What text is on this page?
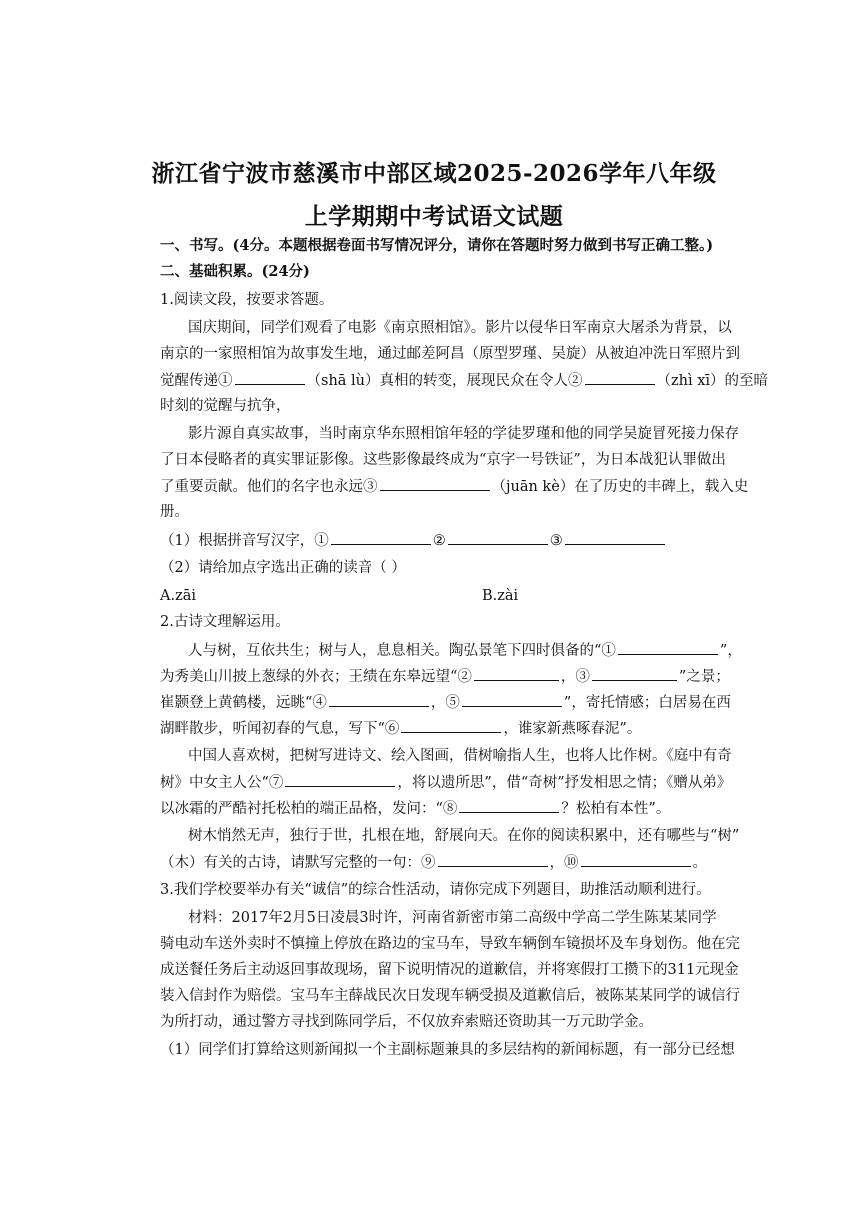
浙江省宁波市慈溪市中部区域2025-2026学年八年级
上学期期中考试语文试题
一、书写。(4分。本题根据卷面书写情况评分，请你在答题时努力做到书写正确工整。)
二、基础积累。(24分)
1.阅读文段，按要求答题。
国庆期间，同学们观看了电影《南京照相馆》。影片以侵华日军南京大屠杀为背景，以
南京的一家照相馆为故事发生地，通过邮差阿昌（原型罗瑾、吴旋）从被迫冲洗日军照片到
觉醒传递①	（shā lù）真相的转变，展现民众在令人②	（zhì xī）的至暗
时刻的觉醒与抗争，
影片源自真实故事，当时南京华东照相馆年轻的学徒罗瑾和他的同学吴旋冒死接力保存
了日本侵略者的真实罪证影像。这些影像最终成为“京字一号铁证”，为日本战犯认罪做出
了重要贡献。他们的名字也永远③	（juān kè）在了历史的丰碑上，载入史
册。
（1）根据拼音写汉字，①	②	③
（2）请给加点字选出正确的读音（ ）
A.zāi	B.zài
2.古诗文理解运用。
人与树，互依共生；树与人，息息相关。陶弘景笔下四时俱备的“①	”，
为秀美山川披上葱绿的外衣；王绩在东皋远望“②	，③	”之景；
崔颢登上黄鹤楼，远眺“④	，⑤	”，寄托情感；白居易在西
湖畔散步，听闻初春的气息，写下“⑥	，谁家新燕啄春泥”。
中国人喜欢树，把树写进诗文、绘入图画，借树喻指人生，也将人比作树。《庭中有奇
树》中女主人公“⑦	，将以遗所思”，借“奇树”抒发相思之情；《赠从弟》
以冰霜的严酷衬托松柏的端正品格，发问：“⑧	？松柏有本性”。
树木悄然无声，独行于世，扎根在地，舒展向天。在你的阅读积累中，还有哪些与“树”
（木）有关的古诗，请默写完整的一句：⑨	，⑩	。
3.我们学校要举办有关“诚信”的综合性活动，请你完成下列题目，助推活动顺利进行。
材料：2017年2月5日凌晨3时许，河南省新密市第二高级中学高二学生陈某某同学
骑电动车送外卖时不慎撞上停放在路边的宝马车，导致车辆倒车镜损坏及车身划伤。他在完
成送餐任务后主动返回事故现场，留下说明情况的道歉信，并将寒假打工攒下的311元现金
装入信封作为赔偿。宝马车主薛战民次日发现车辆受损及道歉信后，被陈某某同学的诚信行
为所打动，通过警方寻找到陈同学后，不仅放弃索赔还资助其一万元助学金。
（1）同学们打算给这则新闻拟一个主副标题兼具的多层结构的新闻标题，有一部分已经想
